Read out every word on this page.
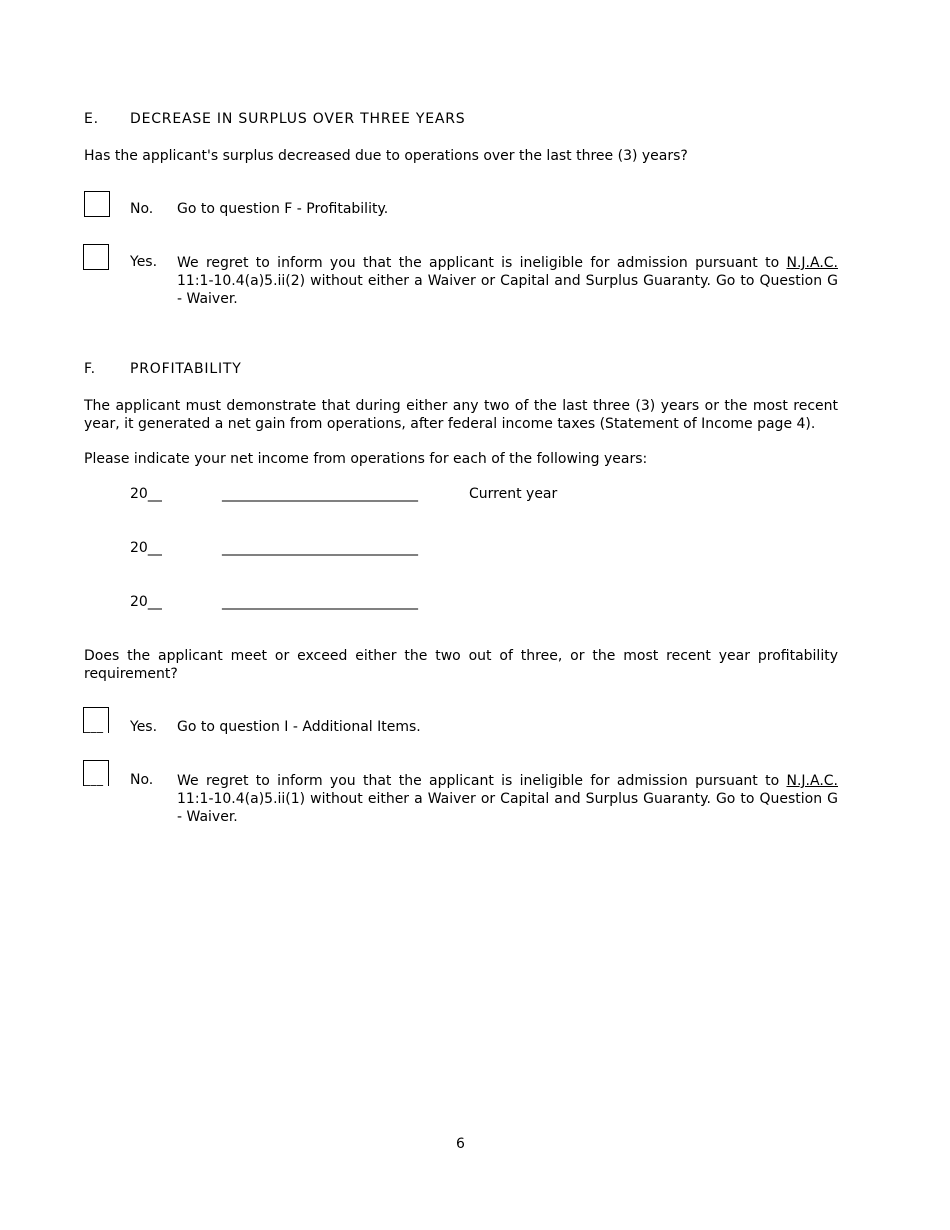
E. DECREASE IN SURPLUS OVER THREE YEARS
Has the applicant's surplus decreased due to operations over the last three (3) years?
No. Go to question F - Profitability.
Yes. We regret to inform you that the applicant is ineligible for admission pursuant to N.J.A.C. 11:1-10.4(a)5.ii(2) without either a Waiver or Capital and Surplus Guaranty. Go to Question G - Waiver.
F. PROFITABILITY
The applicant must demonstrate that during either any two of the last three (3) years or the most recent year, it generated a net gain from operations, after federal income taxes (Statement of Income page 4).
Please indicate your net income from operations for each of the following years:
20__	____________________________	Current year
20__	____________________________
20__	____________________________
Does the applicant meet or exceed either the two out of three, or the most recent year profitability requirement?
___ Yes. Go to question I - Additional Items.
___ No. We regret to inform you that the applicant is ineligible for admission pursuant to N.J.A.C. 11:1-10.4(a)5.ii(1) without either a Waiver or Capital and Surplus Guaranty. Go to Question G - Waiver.
6
